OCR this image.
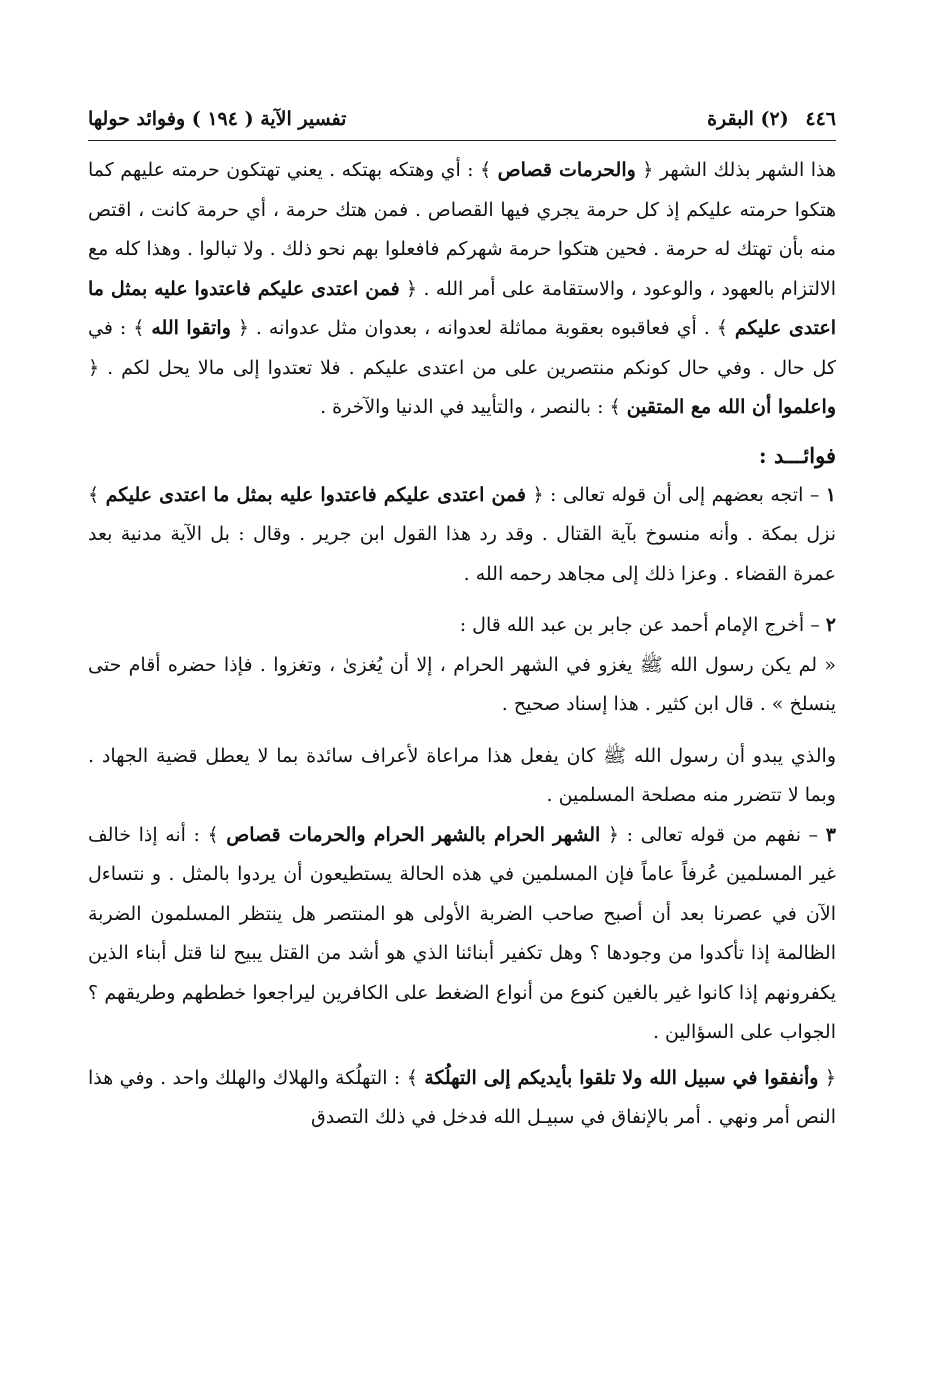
٤٤٦ (٢) البقرة
تفسير الآية ( ١٩٤ ) وفوائد حولها

هذا الشهر بذلك الشهر ﴿ والحرمات قصاص ﴾ : أي وهتكه بهتكه . يعني تهتكون حرمته عليهم كما هتكوا حرمته عليكم إذ كل حرمة يجري فيها القصاص . فمن هتك حرمة ، أي حرمة كانت ، اقتص منه بأن تهتك له حرمة . فحين هتكوا حرمة شهركم فافعلوا بهم نحو ذلك . ولا تبالوا . وهذا كله مع الالتزام بالعهود ، والوعود ، والاستقامة على أمر الله . ﴿ فمن اعتدى عليكم فاعتدوا عليه بمثل ما اعتدى عليكم ﴾ . أي فعاقبوه بعقوبة مماثلة لعدوانه ، بعدوان مثل عدوانه . ﴿ واتقوا الله ﴾ : في كل حال . وفي حال كونكم منتصرين على من اعتدى عليكم . فلا تعتدوا إلى مالا يحل لكم . ﴿ واعلموا أن الله مع المتقين ﴾ : بالنصر ، والتأييد في الدنيا والآخرة .

فوائـــد :

١ – اتجه بعضهم إلى أن قوله تعالى : ﴿ فمن اعتدى عليكم فاعتدوا عليه بمثل ما اعتدى عليكم ﴾ نزل بمكة . وأنه منسوخ بآية القتال . وقد رد هذا القول ابن جرير . وقال : بل الآية مدنية بعد عمرة القضاء . وعزا ذلك إلى مجاهد رحمه الله .

٢ – أخرج الإمام أحمد عن جابر بن عبد الله قال :

« لم يكن رسول الله ﷺ يغزو في الشهر الحرام ، إلا أن يُغزىٰ ، وتغزوا . فإذا حضره أقام حتى ينسلخ » . قال ابن كثير . هذا إسناد صحيح .

والذي يبدو أن رسول الله ﷺ كان يفعل هذا مراعاة لأعراف سائدة بما لا يعطل قضية الجهاد . وبما لا تتضرر منه مصلحة المسلمين .

٣ – نفهم من قوله تعالى : ﴿ الشهر الحرام بالشهر الحرام والحرمات قصاص ﴾ : أنه إذا خالف غير المسلمين عُرفاً عاماً فإن المسلمين في هذه الحالة يستطيعون أن يردوا بالمثل . و نتساءل الآن في عصرنا بعد أن أصبح صاحب الضربة الأولى هو المنتصر هل ينتظر المسلمون الضربة الظالمة إذا تأكدوا من وجودها ؟ وهل تكفير أبنائنا الذي هو أشد من القتل يبيح لنا قتل أبناء الذين يكفرونهم إذا كانوا غير بالغين كنوع من أنواع الضغط على الكافرين ليراجعوا خططهم وطريقهم ؟ الجواب على السؤالين .

﴿ وأنفقوا في سبيل الله ولا تلقوا بأيديكم إلى التهلُكة ﴾ : التهلُكة والهلاك والهلك واحد . وفي هذا النص أمر ونهي . أمر بالإنفاق في سبيـل الله فدخل في ذلك التصدق
